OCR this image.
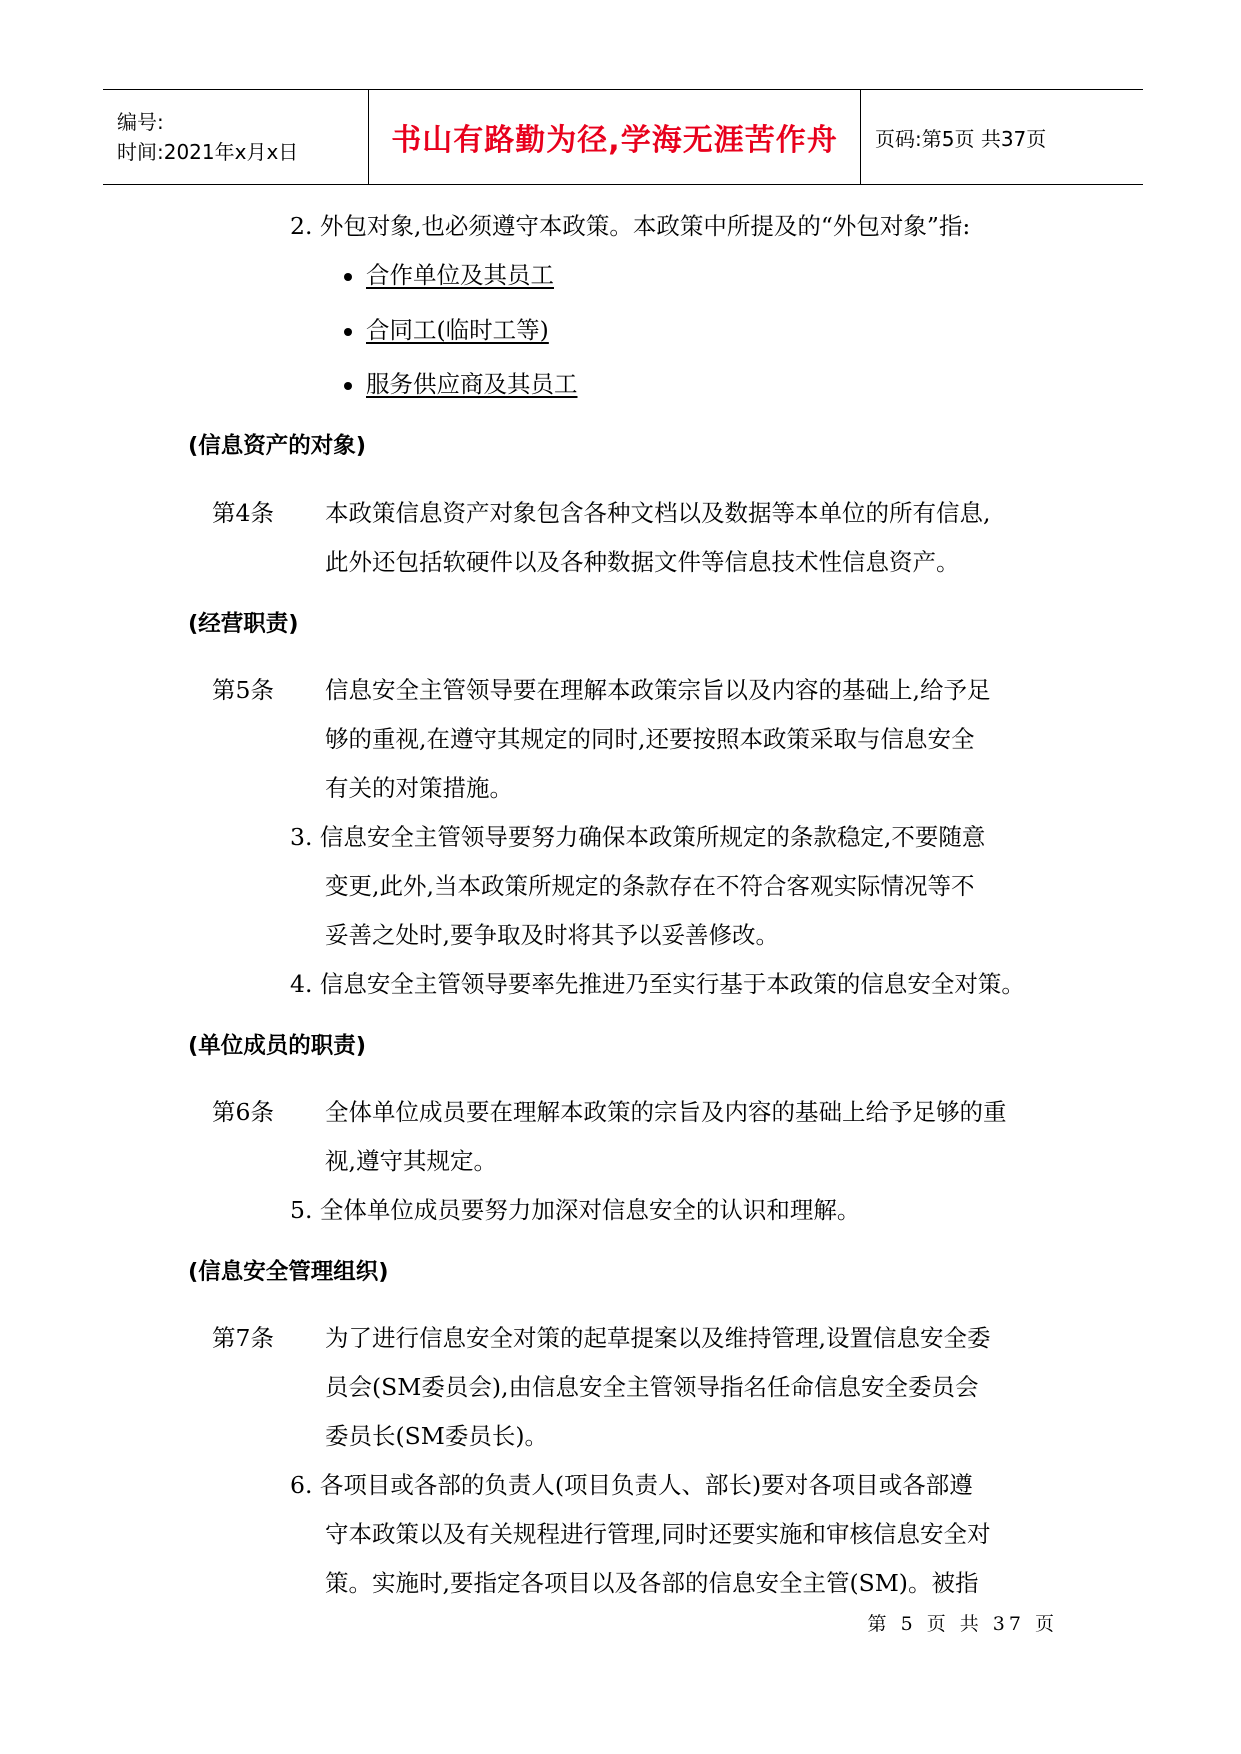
编号:
时间:2021年x月x日	书山有路勤为径,学海无涯苦作舟	页码:第5页 共37页
2. 外包对象,也必须遵守本政策。本政策中所提及的“外包对象”指:
合作单位及其员工
合同工(临时工等)
服务供应商及其员工
(信息资产的对象)
第4条 本政策信息资产对象包含各种文档以及数据等本单位的所有信息,
此外还包括软硬件以及各种数据文件等信息技术性信息资产。
(经营职责)
第5条 信息安全主管领导要在理解本政策宗旨以及内容的基础上,给予足
够的重视,在遵守其规定的同时,还要按照本政策采取与信息安全
有关的对策措施。
3. 信息安全主管领导要努力确保本政策所规定的条款稳定,不要随意
变更,此外,当本政策所规定的条款存在不符合客观实际情况等不
妥善之处时,要争取及时将其予以妥善修改。
4. 信息安全主管领导要率先推进乃至实行基于本政策的信息安全对策。
(单位成员的职责)
第6条 全体单位成员要在理解本政策的宗旨及内容的基础上给予足够的重
视,遵守其规定。
5. 全体单位成员要努力加深对信息安全的认识和理解。
(信息安全管理组织)
第7条 为了进行信息安全对策的起草提案以及维持管理,设置信息安全委
员会(SM委员会),由信息安全主管领导指名任命信息安全委员会
委员长(SM委员长)。
6. 各项目或各部的负责人(项目负责人、部长)要对各项目或各部遵
守本政策以及有关规程进行管理,同时还要实施和审核信息安全对
策。实施时,要指定各项目以及各部的信息安全主管(SM)。被指
第 5 页 共 37 页
